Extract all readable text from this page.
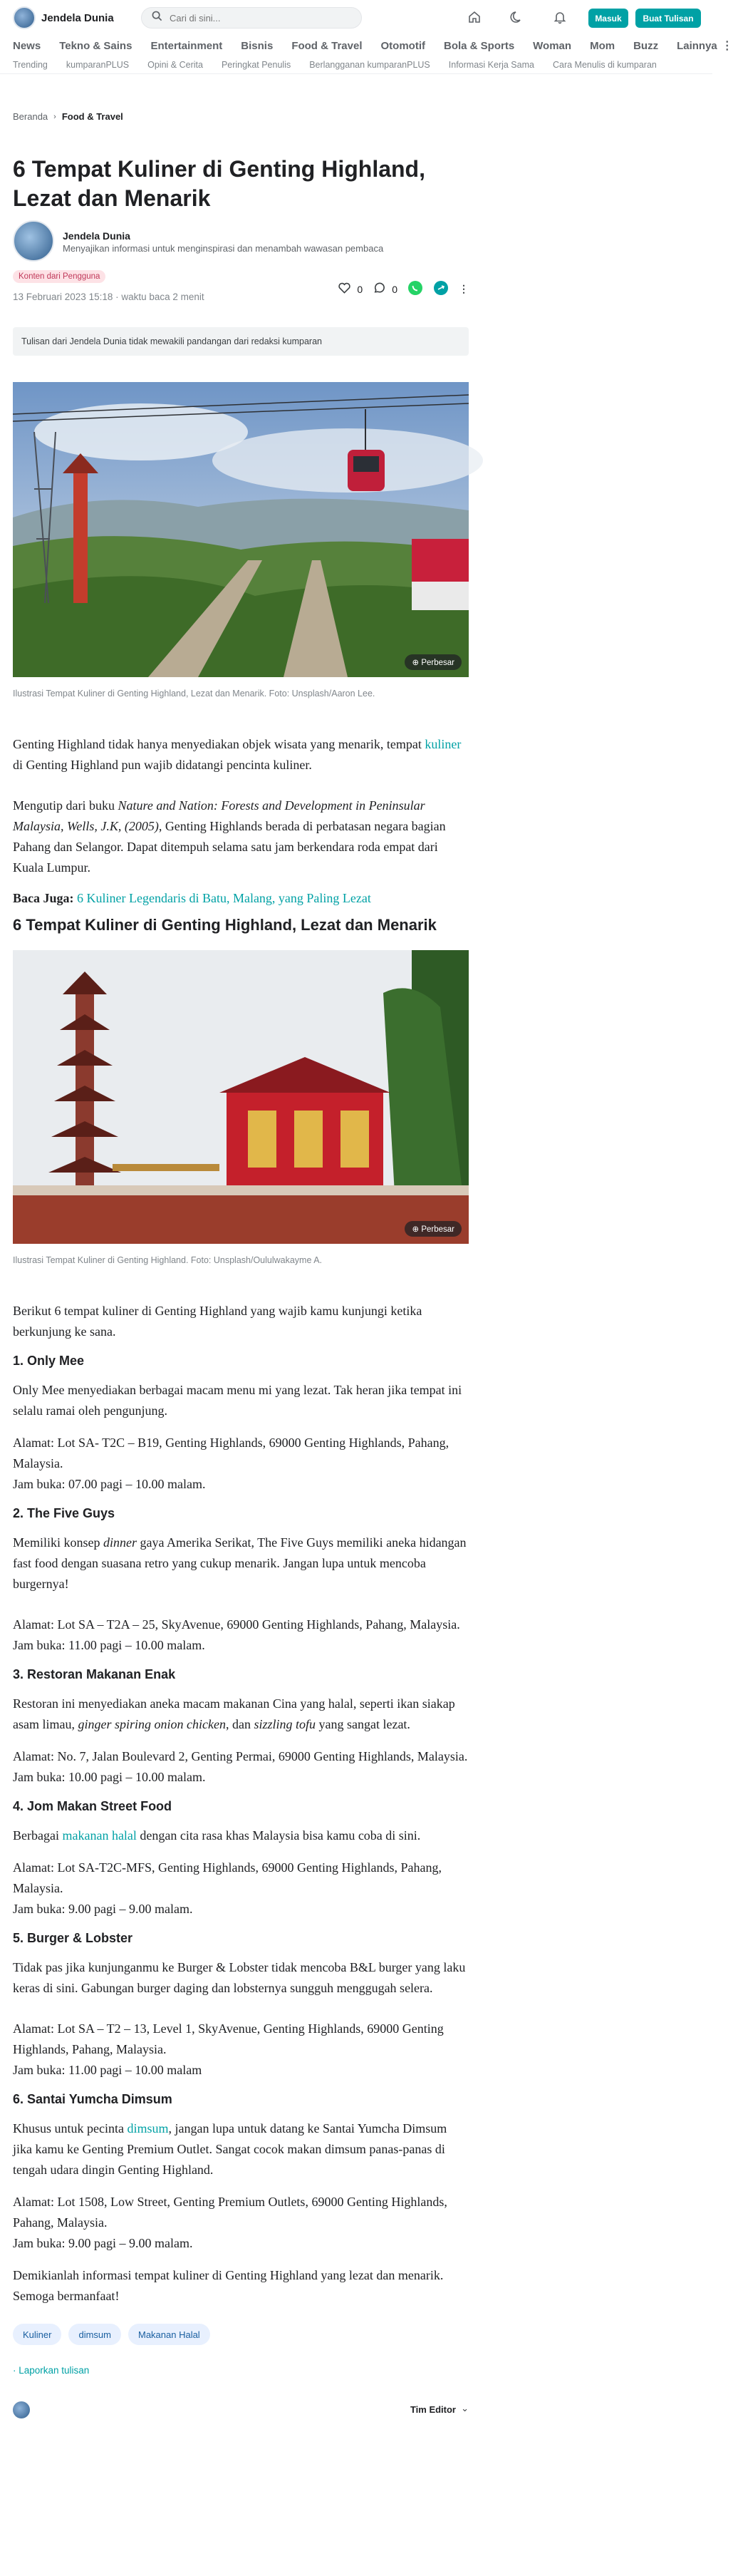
Jendela Dunia
Cari di sini...	Masuk	Buat Tulisan
News Tekno & Sains Entertainment Bisnis Food & Travel Otomotif Bola & Sports Woman Mom Buzz Lainnya ⋮
Trending kumparanPLUS Opini & Cerita Peringkat Penulis Berlangganan kumparanPLUS Informasi Kerja Sama Cara Menulis di kumparan
Beranda › Food & Travel
6 Tempat Kuliner di Genting Highland, Lezat dan Menarik
Jendela Dunia
Menyajikan informasi untuk menginspirasi dan menambah wawasan pembaca
Konten dari Pengguna
13 Februari 2023 15:18 · waktu baca 2 menit
0	0	⋮
Tulisan dari Jendela Dunia tidak mewakili pandangan dari redaksi kumparan
⊕ Perbesar
Ilustrasi Tempat Kuliner di Genting Highland, Lezat dan Menarik. Foto: Unsplash/Aaron Lee.

Genting Highland tidak hanya menyediakan objek wisata yang menarik, tempat kuliner di Genting Highland pun wajib didatangi pencinta kuliner.

Mengutip dari buku Nature and Nation: Forests and Development in Peninsular Malaysia, Wells, J.K, (2005), Genting Highlands berada di perbatasan negara bagian Pahang dan Selangor. Dapat ditempuh selama satu jam berkendara roda empat dari Kuala Lumpur.

Baca Juga: 6 Kuliner Legendaris di Batu, Malang, yang Paling Lezat

6 Tempat Kuliner di Genting Highland, Lezat dan Menarik
⊕ Perbesar
Ilustrasi Tempat Kuliner di Genting Highland. Foto: Unsplash/Oululwakayme A.

Berikut 6 tempat kuliner di Genting Highland yang wajib kamu kunjungi ketika berkunjung ke sana.

1. Only Mee

Only Mee menyediakan berbagai macam menu mi yang lezat. Tak heran jika tempat ini selalu ramai oleh pengunjung.

Alamat: Lot SA- T2C – B19, Genting Highlands, 69000 Genting Highlands, Pahang, Malaysia.

Jam buka: 07.00 pagi – 10.00 malam.

2. The Five Guys

Memiliki konsep dinner gaya Amerika Serikat, The Five Guys memiliki aneka hidangan fast food dengan suasana retro yang cukup menarik. Jangan lupa untuk mencoba burgernya!

Alamat: Lot SA – T2A – 25, SkyAvenue, 69000 Genting Highlands, Pahang, Malaysia.

Jam buka: 11.00 pagi – 10.00 malam.

3. Restoran Makanan Enak

Restoran ini menyediakan aneka macam makanan Cina yang halal, seperti ikan siakap asam limau, ginger spiring onion chicken, dan sizzling tofu yang sangat lezat.

Alamat: No. 7, Jalan Boulevard 2, Genting Permai, 69000 Genting Highlands, Malaysia.

Jam buka: 10.00 pagi – 10.00 malam.

4. Jom Makan Street Food

Berbagai makanan halal dengan cita rasa khas Malaysia bisa kamu coba di sini.

Alamat: Lot SA-T2C-MFS, Genting Highlands, 69000 Genting Highlands, Pahang, Malaysia.

Jam buka: 9.00 pagi – 9.00 malam.

5. Burger & Lobster

Tidak pas jika kunjunganmu ke Burger & Lobster tidak mencoba B&L burger yang laku keras di sini. Gabungan burger daging dan lobsternya sungguh menggugah selera.

Alamat: Lot SA – T2 – 13, Level 1, SkyAvenue, Genting Highlands, 69000 Genting Highlands, Pahang, Malaysia.

Jam buka: 11.00 pagi – 10.00 malam

6. Santai Yumcha Dimsum

Khusus untuk pecinta dimsum, jangan lupa untuk datang ke Santai Yumcha Dimsum jika kamu ke Genting Premium Outlet. Sangat cocok makan dimsum panas-panas di tengah udara dingin Genting Highland.

Alamat: Lot 1508, Low Street, Genting Premium Outlets, 69000 Genting Highlands, Pahang, Malaysia.

Jam buka: 9.00 pagi – 9.00 malam.

Demikianlah informasi tempat kuliner di Genting Highland yang lezat dan menarik. Semoga bermanfaat!

Kuliner	dimsum	Makanan Halal
· Laporkan tulisan
Tim Editor ⌄
